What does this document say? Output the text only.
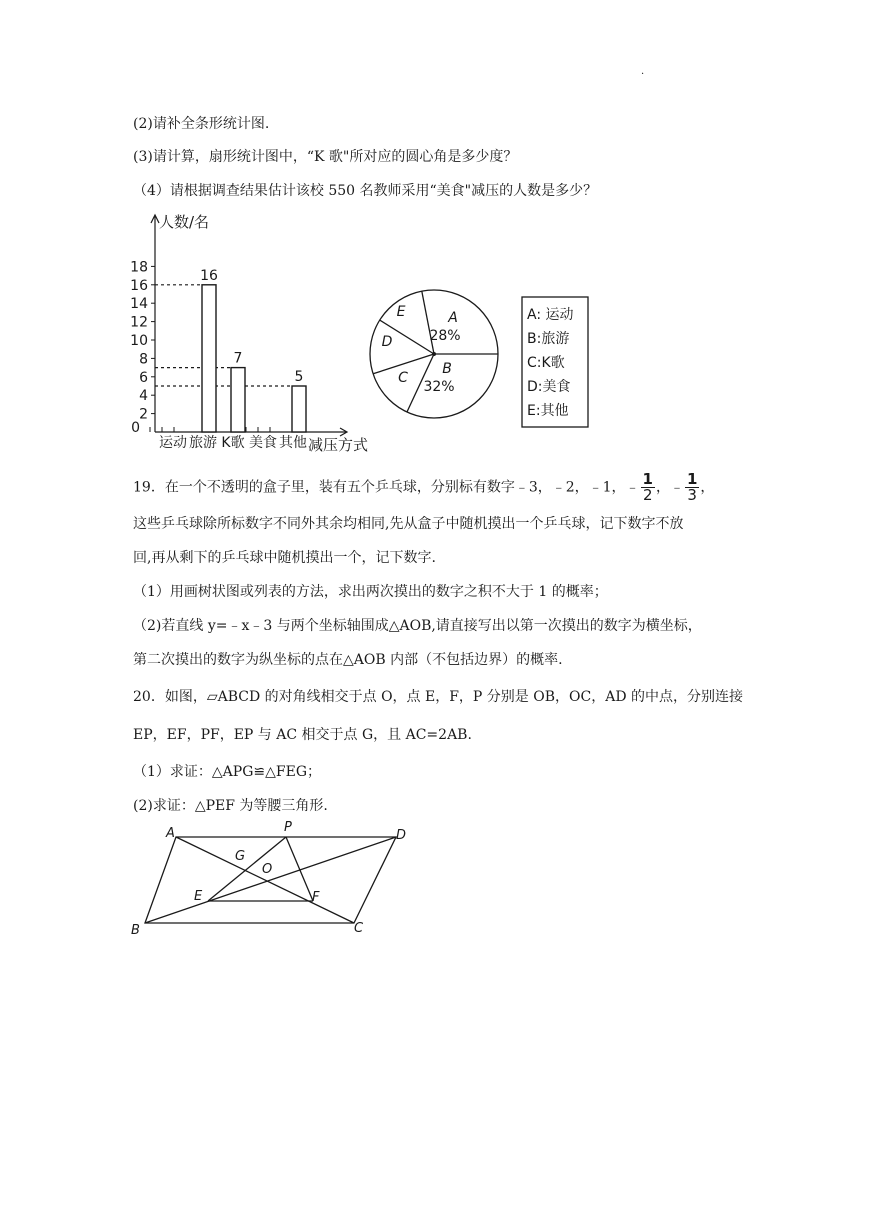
.
(2)请补全条形统计图.
(3)请计算，扇形统计图中，“K 歌"所对应的圆心角是多少度？
（4）请根据调查结果估计该校 550 名教师采用“美食"减压的人数是多少？
人数/名
0
2
4
6
8
10
12
14
16
18
运动 旅游 K歌 美食 其他 减压方式
16
7
5
A
B
C
D
E
28%
32%
A: 运动
B:旅游
C:K歌
D:美食
E:其他
19．在一个不透明的盒子里，装有五个乒乓球，分别标有数字﹣3，﹣2，﹣1，﹣ $\frac{1}{2}$ ，﹣ $\frac{1}{3}$ ，
这些乒乓球除所标数字不同外其余均相同,先从盒子中随机摸出一个乒乓球，记下数字不放
回,再从剩下的乒乓球中随机摸出一个，记下数字.
（1）用画树状图或列表的方法，求出两次摸出的数字之积不大于 1 的概率；
（2)若直线 y=﹣x﹣3 与两个坐标轴围成△AOB,请直接写出以第一次摸出的数字为横坐标，
第二次摸出的数字为纵坐标的点在△AOB 内部（不包括边界）的概率.
20．如图，▱ABCD 的对角线相交于点 O，点 E，F，P 分别是 OB，OC，AD 的中点，分别连接
EP，EF，PF，EP 与 AC 相交于点 G，且 AC=2AB.
（1）求证：△APG≌△FEG；
(2)求证：△PEF 为等腰三角形.
A	P
D
G
O
E	F
B	C
